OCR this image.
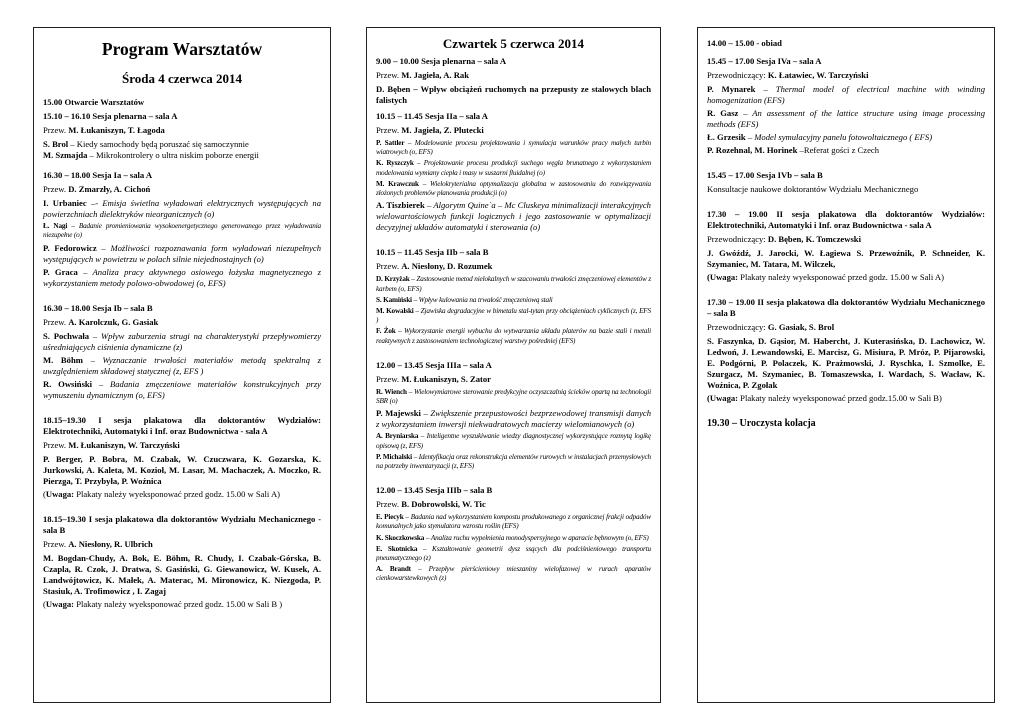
Program Warsztatów
Środa 4 czerwca 2014
15.00 Otwarcie Warsztatów
15.10 – 16.10 Sesja plenarna – sala A
Przew. M. Łukaniszyn, T. Łagoda
S. Brol – Kiedy samochody będą poruszać się samoczynnie
M. Szmajda – Mikrokontrolery o ultra niskim poborze energii
16.30 – 18.00 Sesja Ia – sala A
Przew. D. Zmarzły, A. Cichoń
I. Urbaniec –- Emisja świetlna wyładowań elektrycznych występujących na powierzchniach dielektryków nieorganicznych (o)
Ł. Nagi – Badanie promieniowania wysokoenergetycznego generowanego przez wyładowania niezupełne (o)
P. Fedorowicz – Możliwości rozpoznawania form wyładowań niezupełnych występujących w powietrzu w polach silnie niejednostajnych (o)
P. Graca – Analiza pracy aktywnego osiowego łożyska magnetycznego z wykorzystaniem metody polowo-obwodowej (o, EFS)
16.30 – 18.00 Sesja Ib – sala B
Przew. A. Karolczuk, G. Gasiak
S. Pochwała – Wpływ zaburzenia strugi na charakterystyki przepływomierzy uśredniających ciśnienia dynamiczne (z)
M. Böhm – Wyznaczanie trwałości materiałów metodą spektralną z uwzględnieniem składowej statycznej (z, EFS )
R. Owsiński – Badania zmęczeniowe materiałów konstrukcyjnych przy wymuszeniu dynamicznym (o, EFS)
18.15–19.30 I sesja plakatowa dla doktorantów Wydziałów: Elektrotechniki, Automatyki i Inf. oraz Budownictwa - sala A
Przew. M. Łukaniszyn, W. Tarczyński
P. Berger, P. Bobra, M. Czabak, W. Czuczwara, K. Gozarska, K. Jurkowski, A. Kaleta, M. Kozioł, M. Lasar, M. Machaczek, A. Moczko, R. Pierzga, T. Przybyła, P. Woźnica
(Uwaga: Plakaty należy wyeksponować przed godz. 15.00 w Sali A)
18.15–19.30 I sesja plakatowa dla doktorantów Wydziału Mechanicznego - sala B
Przew. A. Niesłony, R. Ulbrich
M. Bogdan-Chudy, A. Bok, E. Böhm, R. Chudy, I. Czabak-Górska, B. Czapla, R. Czok, J. Dratwa, S. Gasiński, G. Giewanowicz, W. Kusek, A. Landwójtowicz, K. Małek, A. Materac, M. Mironowicz, K. Niezgoda, P. Stasiuk, A. Trofimowicz , I. Zagaj
(Uwaga: Plakaty należy wyeksponować przed godz. 15.00 w Sali B )
Czwartek 5 czerwca 2014
9.00 – 10.00 Sesja plenarna – sala A
Przew. M. Jagieła, A. Rak
D. Bęben – Wpływ obciążeń ruchomych na przepusty ze stalowych blach falistych
10.15 – 11.45 Sesja IIa – sala A
Przew. M. Jagieła, Z. Plutecki
P. Sattler – Modelowanie procesu projektowania i symulacja warunków pracy małych turbin wiatrowych (o, EFS)
K. Ryszczyk – Projektowanie procesu produkcji suchego węgla brunatnego z wykorzystaniem modelowania wymiany ciepła i masy w suszarni fluidalnej (o)
M. Krawczuk – Wielokryterialna optymalizacja globalna w zastosowaniu do rozwiązywania złożonych problemów planowania produkcji (o)
A. Tiszbierek – Algorytm Quine`a – Mc Cluskeya minimalizacji interakcyjnych wielowartościowych funkcji logicznych i jego zastosowanie w optymalizacji decyzyjnej układów automatyki i sterowania (o)
10.15 – 11.45 Sesja IIb – sala B
Przew. A. Niesłony, D. Rozumek
D. Krzyżak – Zastosowanie metod nielokalnych w szacowaniu trwałości zmęczeniowej elementów z karbem (o, EFS)
S. Kamiński – Wpływ kulowania na trwałość zmęczeniową stali
M. Kowalski – Zjawiska degradacyjne w bimetalu stal-tytan przy obciążeniach cyklicznych (z, EFS )
F. Żok – Wykorzystanie energii wybuchu do wytwarzania układu platerów na bazie stali i metali reaktywnych z zastosowaniem technologicznej warstwy pośredniej (EFS)
12.00 – 13.45 Sesja IIIa – sala A
Przew. M. Łukaniszyn, S. Zator
R. Wiench – Wielowymiarowe sterowanie predykcyjne oczyszczalnią ścieków opartą na technologii SBR (o)
P. Majewski – Zwiększenie przepustowości bezprzewodowej transmisji danych z wykorzystaniem inwersji niekwadratowych macierzy wielomianowych (o)
A. Bryniarska – Inteligentne wyszukiwanie wiedzy diagnostycznej wykorzystujące rozmytą logikę opisową (z, EFS)
P. Michalski – Identyfikacja oraz rekonstrukcja elementów rurowych w instalacjach przemysłowych na potrzeby inwentaryzacji (z, EFS)
12.00 – 13.45 Sesja IIIb – sala B
Przew. B. Dobrowolski, W. Tic
E. Piecyk – Badania nad wykorzystaniem kompostu produkowanego z organicznej frakcji odpadów komunalnych jako stymulatora wzrostu roślin (EFS)
K. Skoczkowska – Analiza ruchu wypełnienia monodyspersyjnego w aparacie bębnowym (o, EFS)
E. Skotnicka – Kształtowanie geometrii dysz ssących dla podciśnieniowego transportu pneumatycznego (z)
A. Brandt – Przepływ pierścieniowy mieszaniny wielofazowej w rurach aparatów cienkowarstewkowych (z)
14.00 – 15.00 - obiad
15.45 – 17.00 Sesja IVa – sala A
Przewodniczący: K. Łatawiec, W. Tarczyński
P. Mynarek – Thermal model of electrical machine with winding homogenization (EFS)
R. Gasz – An assessment of the lattice structure using image processing methods (EFS)
Ł. Grzesik – Model symulacyjny panelu fotowoltaicznego ( EFS)
P. Rozehnal, M. Horinek –Referat gości z Czech
15.45 – 17.00 Sesja IVb – sala B
Konsultacje naukowe doktorantów Wydziału Mechanicznego
17.30 – 19.00 II sesja plakatowa dla doktorantów Wydziałów: Elektrotechniki, Automatyki i Inf. oraz Budownictwa - sala A
Przewodniczący: D. Bęben, K. Tomczewski
J. Gwóźdź, J. Jarocki, W. Łagiewa S. Przewoźnik, P. Schneider, K. Szymaniec, M. Tatara, M. Wilczek,
(Uwaga: Plakaty należy wyeksponować przed godz. 15.00 w Sali A)
17.30 – 19.00 II sesja plakatowa dla doktorantów Wydziału Mechanicznego – sala B
Przewodniczący: G. Gasiak, S. Brol
S. Faszynka, D. Gąsior, M. Habercht, J. Kuterasińska, D. Lachowicz, W. Ledwoń, J. Lewandowski, E. Marcisz, G. Misiura, P. Mróz, P. Pijarowski, E. Podgórni, P. Polaczek, K. Prażmowski, J. Ryschka, I. Szmolke, E. Szurgacz, M. Szymaniec, B. Tomaszewska, I. Wardach, S. Wacław, K. Woźnica, P. Zgołak
(Uwaga: Plakaty należy wyeksponować przed godz.15.00 w Sali B)
19.30 – Uroczysta kolacja
